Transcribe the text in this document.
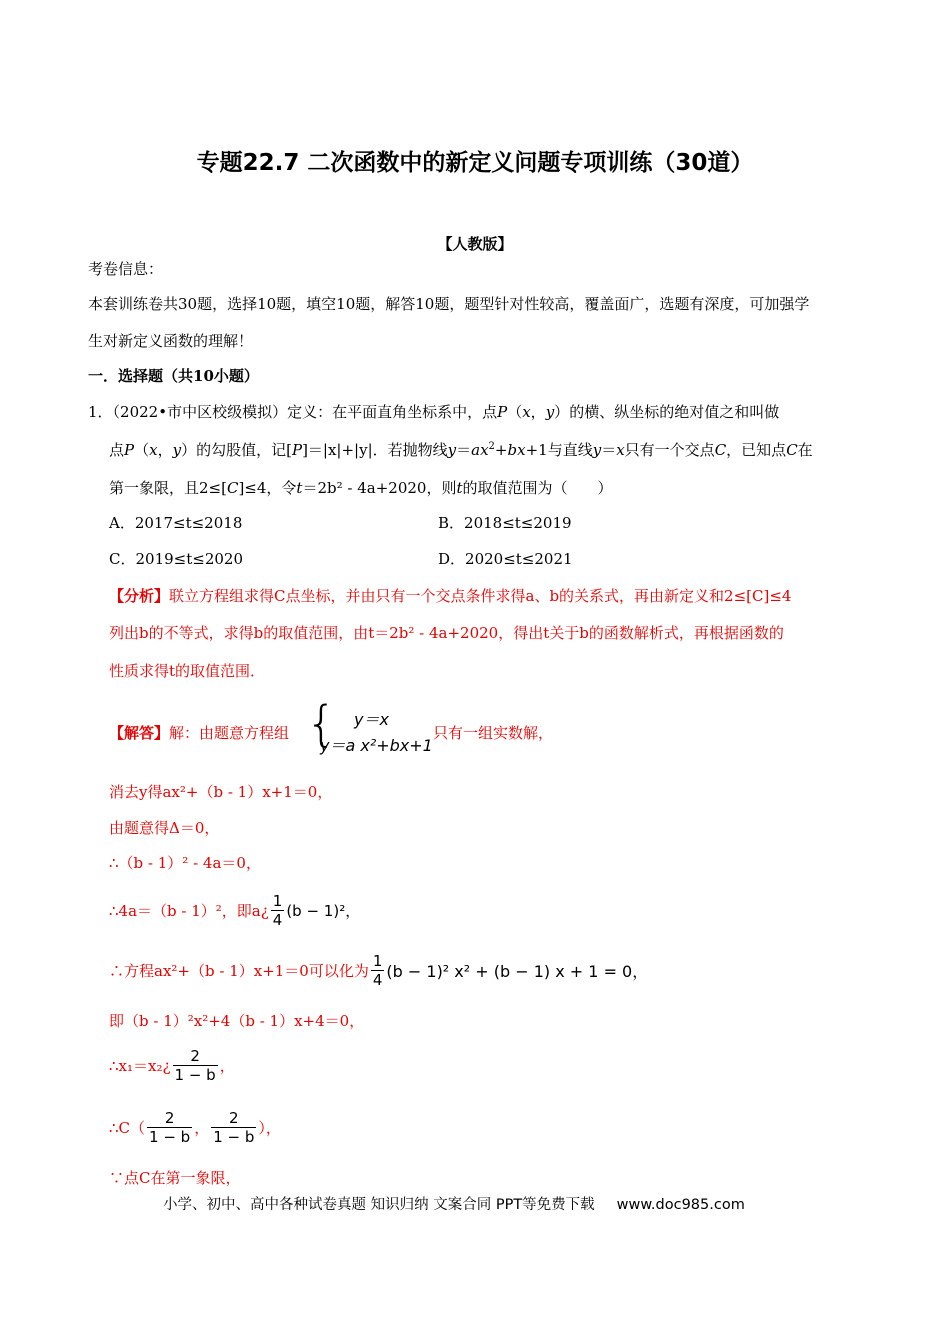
专题22.7 二次函数中的新定义问题专项训练（30道）
【人教版】
考卷信息：
本套训练卷共30题，选择10题，填空10题，解答10题，题型针对性较高，覆盖面广，选题有深度，可加强学
生对新定义函数的理解！
一．选择题（共10小题）
1．（2022•市中区校级模拟）定义：在平面直角坐标系中，点P（x，y）的横、纵坐标的绝对值之和叫做
点P（x，y）的勾股值，记[P]＝|x|+|y|．若抛物线$y=ax^2+bx+1$与直线y＝x只有一个交点C，已知点C在
第一象限，且2≤[C]≤4，令t＝2b² - 4a+2020，则t的取值范围为（　　）
A．2017≤t≤2018	B．2018≤t≤2019
C．2019≤t≤2020	D．2020≤t≤2021
【分析】联立方程组求得C点坐标，并由只有一个交点条件求得a、b的关系式，再由新定义和2≤[C]≤4
列出b的不等式，求得b的取值范围，由t＝2b² - 4a+2020，得出t关于b的函数解析式，再根据函数的
性质求得t的取值范围．
【解答】解：由题意方程组 { y＝x
y＝a x²+bx+1
只有一组实数解，
消去y得ax²+（b - 1）x+1＝0，
由题意得Δ＝0，
∴（b - 1）² - 4a＝0，
∴4a＝（b - 1）²，即a¿ $\frac{1}{4} (b - 1)^2$，
∴方程ax²+（b - 1）x+1＝0可以化为 $\frac{1}{4} (b - 1)^2$ x² + (b − 1) x + 1 = 0，
即（b - 1）²x²+4（b - 1）x+4＝0，
∴x₁＝x₂¿ $\frac{2}{1 - b}$ ，
∴C（ $\frac{2}{1 - b}$ ， $\frac{2}{1 - b}$ ），
∵点C在第一象限，
小学、初中、高中各种试卷真题 知识归纳 文案合同 PPT等免费下载 www.doc985.com
